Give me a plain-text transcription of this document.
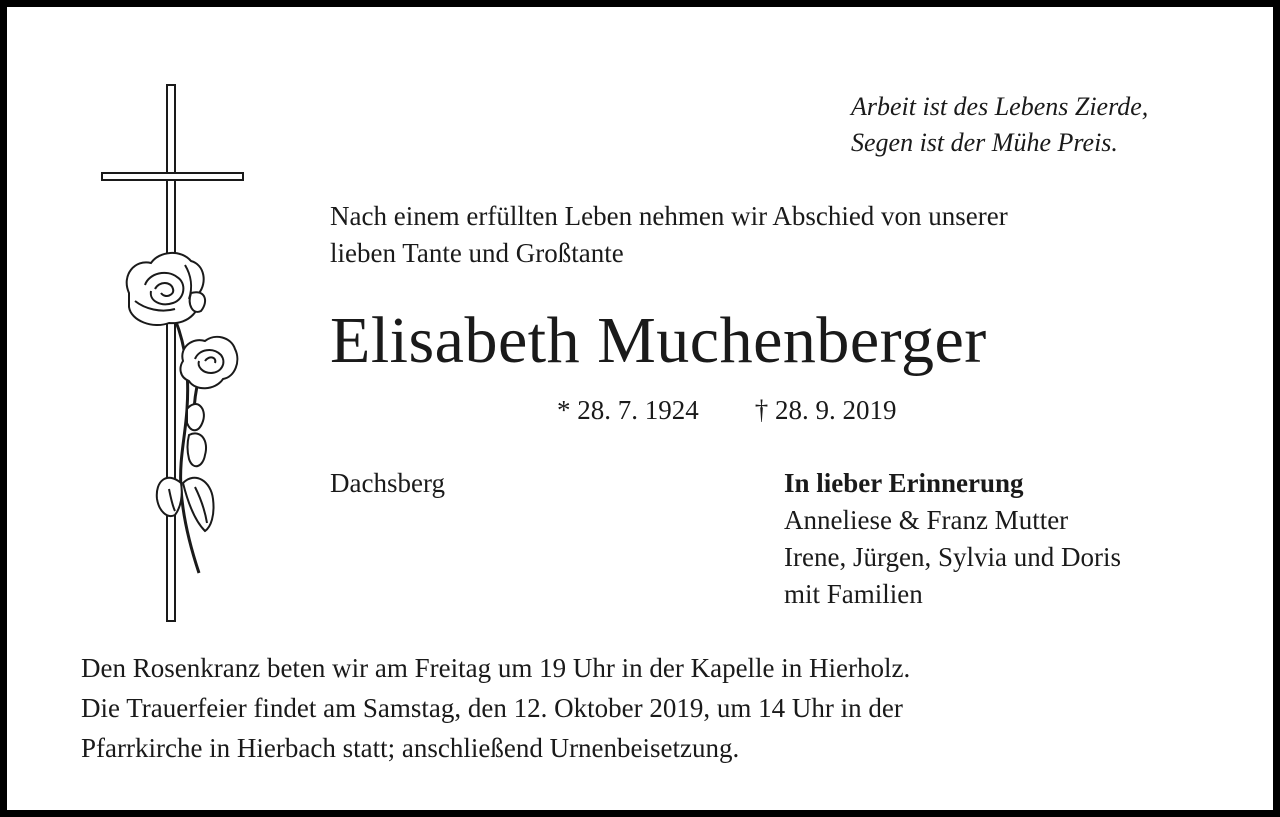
Arbeit ist des Lebens Zierde,
Segen ist der Mühe Preis.
Nach einem erfüllten Leben nehmen wir Abschied von unserer
lieben Tante und Großtante
Elisabeth Muchenberger
* 28. 7. 1924 † 28. 9. 2019
Dachsberg	In lieber Erinnerung
Anneliese & Franz Mutter
Irene, Jürgen, Sylvia und Doris
mit Familien
Den Rosenkranz beten wir am Freitag um 19 Uhr in der Kapelle in Hierholz.
Die Trauerfeier findet am Samstag, den 12. Oktober 2019, um 14 Uhr in der
Pfarrkirche in Hierbach statt; anschließend Urnenbeisetzung.
